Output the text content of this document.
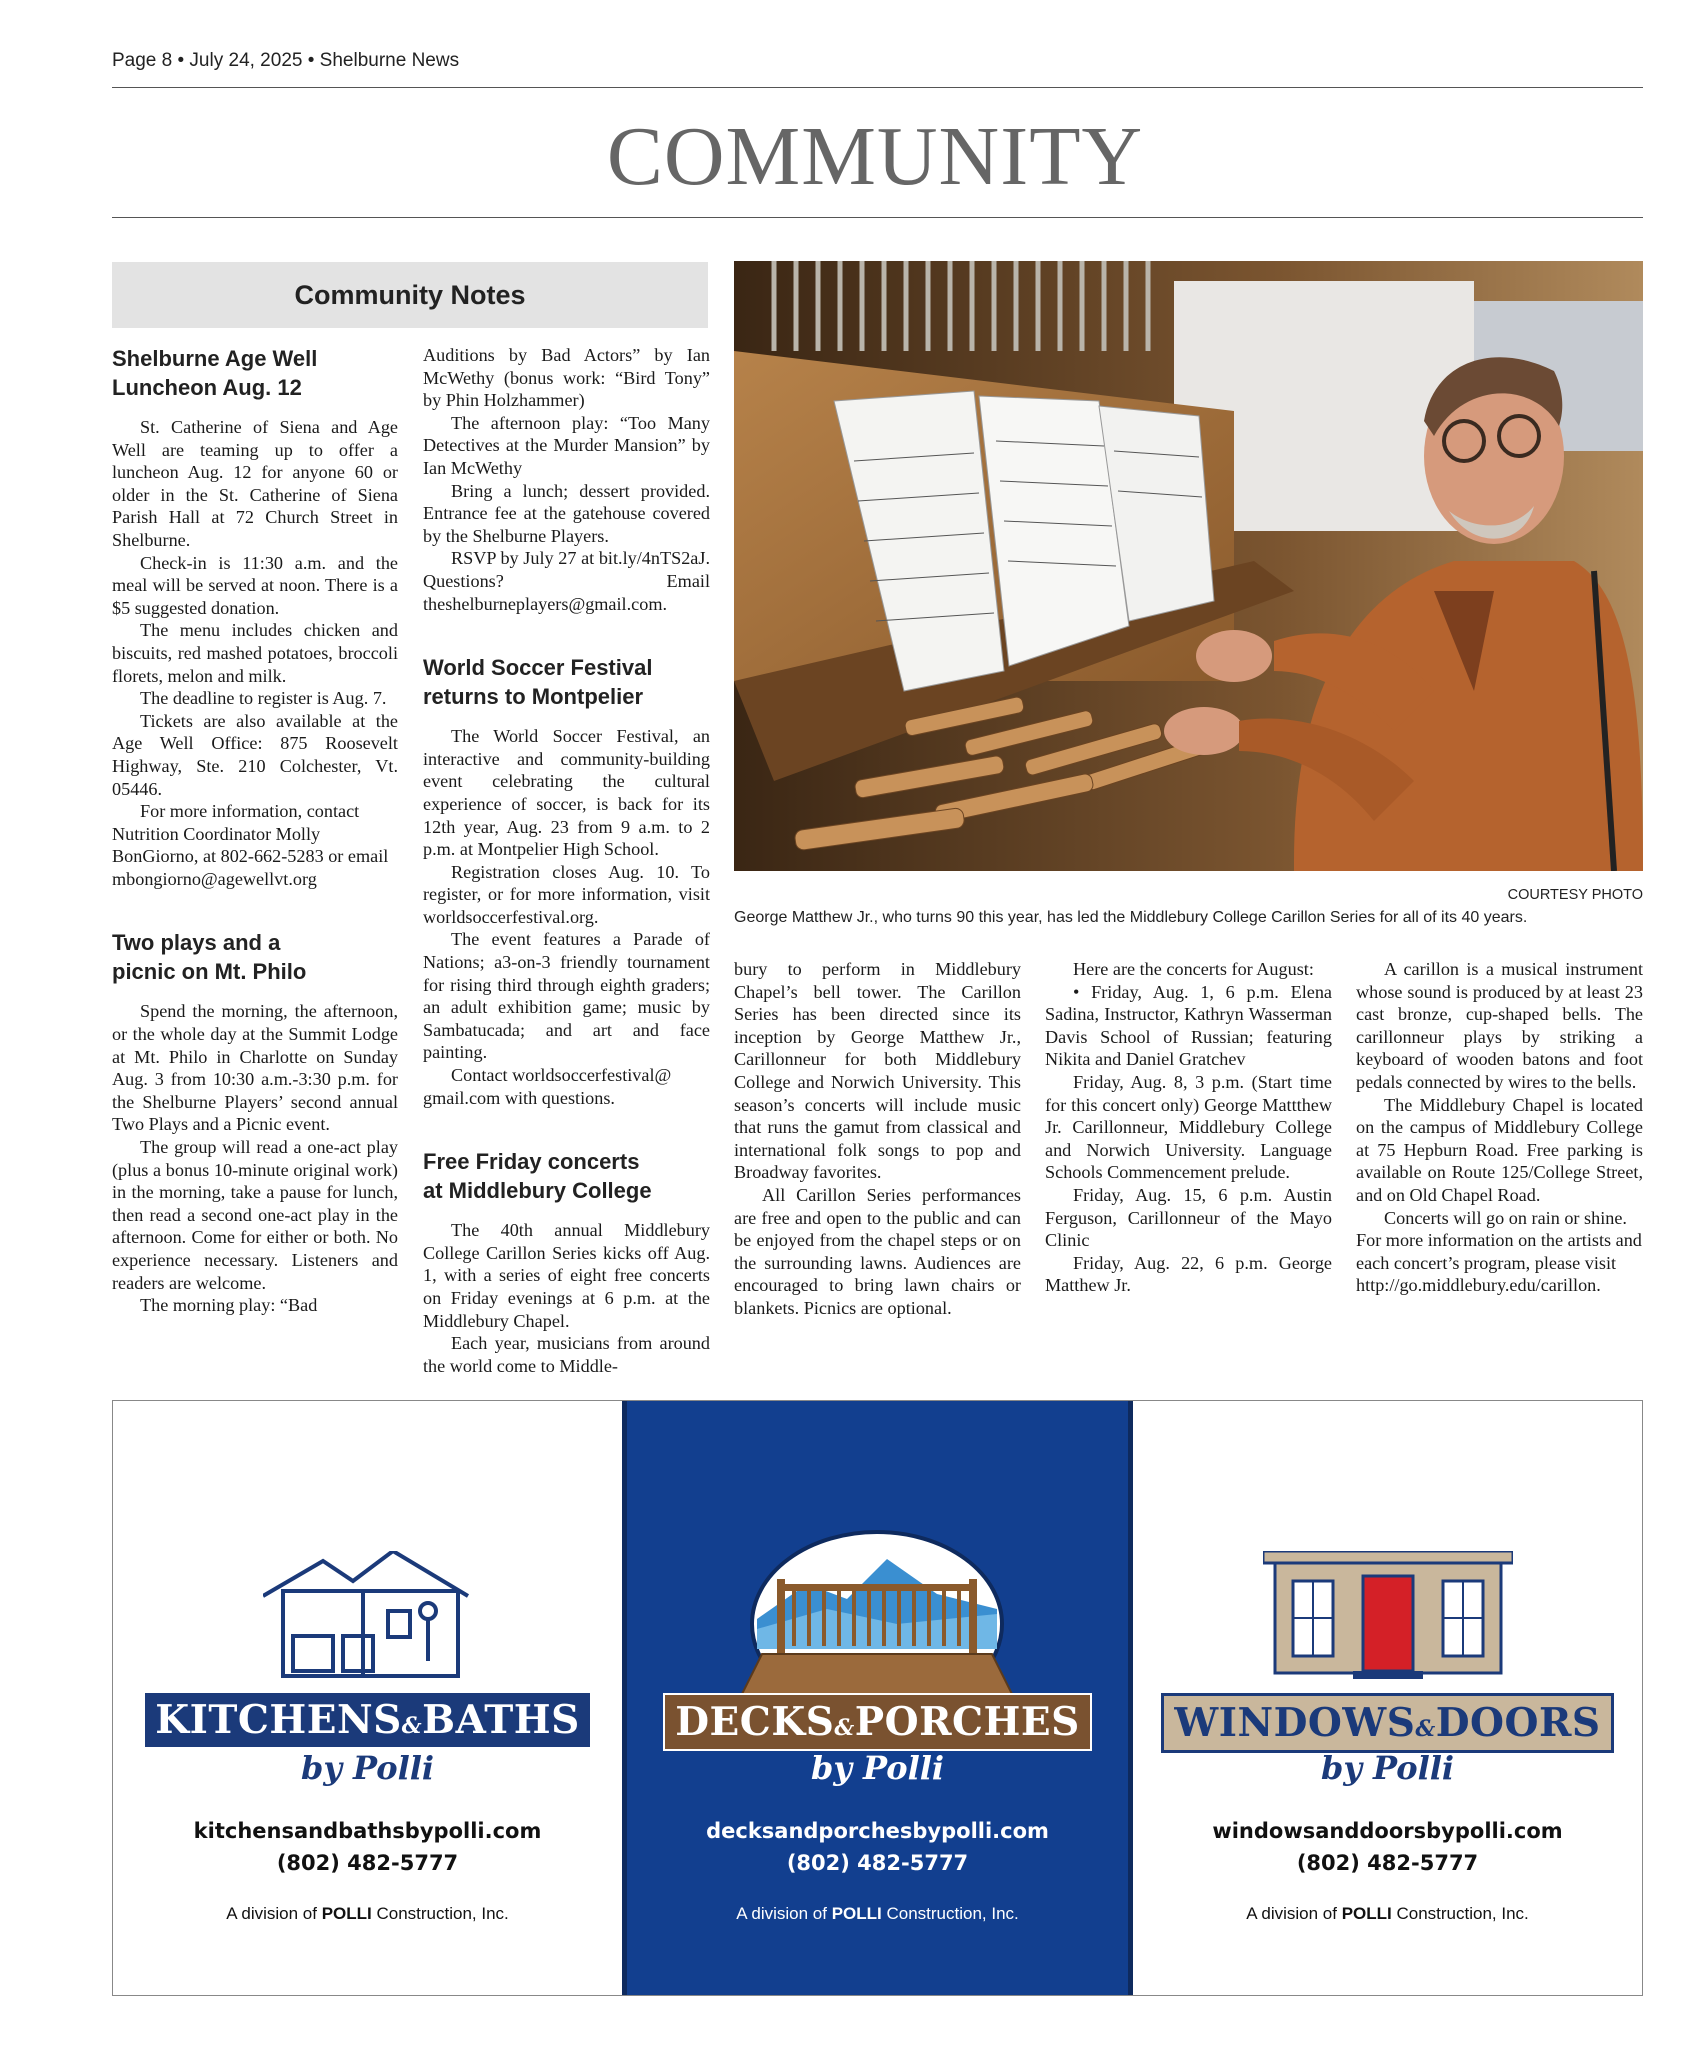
Page 8 • July 24, 2025 • Shelburne News
COMMUNITY
Community Notes
Shelburne Age Well
Luncheon Aug. 12

St. Catherine of Siena and Age Well are teaming up to offer a luncheon Aug. 12 for anyone 60 or older in the St. Catherine of Siena Parish Hall at 72 Church Street in Shelburne.

Check-in is 11:30 a.m. and the meal will be served at noon. There is a $5 suggested donation.

The menu includes chicken and biscuits, red mashed potatoes, broccoli florets, melon and milk.

The deadline to register is Aug. 7.

Tickets are also available at the Age Well Office: 875 Roosevelt Highway, Ste. 210 Colchester, Vt. 05446.

For more information, contact Nutrition Coordinator Molly BonGiorno, at 802-662-5283 or email mbongiorno@agewellvt.org

Two plays and a
picnic on Mt. Philo

Spend the morning, the afternoon, or the whole day at the Summit Lodge at Mt. Philo in Charlotte on Sunday Aug. 3 from 10:30 a.m.-3:30 p.m. for the Shelburne Players’ second annual Two Plays and a Picnic event.

The group will read a one-act play (plus a bonus 10-minute original work) in the morning, take a pause for lunch, then read a second one-act play in the afternoon. Come for either or both. No experience necessary. Listeners and readers are welcome.

The morning play: “Bad

Auditions by Bad Actors” by Ian McWethy (bonus work: “Bird Tony” by Phin Holzhammer)

The afternoon play: “Too Many Detectives at the Murder Mansion” by Ian McWethy

Bring a lunch; dessert provided. Entrance fee at the gatehouse covered by the Shelburne Players.

RSVP by July 27 at bit.ly/4nTS2aJ. Questions? Email theshelburneplayers@gmail.com.

World Soccer Festival
returns to Montpelier

The World Soccer Festival, an interactive and community-building event celebrating the cultural experience of soccer, is back for its 12th year, Aug. 23 from 9 a.m. to 2 p.m. at Montpelier High School.

Registration closes Aug. 10. To register, or for more information, visit worldsoccerfestival.org.

The event features a Parade of Nations; a3-on-3 friendly tournament for rising third through eighth graders; an adult exhibition game; music by Sambatucada; and art and face painting.

Contact worldsoccerfestival@ gmail.com with questions.

Free Friday concerts
at Middlebury College

The 40th annual Middlebury College Carillon Series kicks off Aug. 1, with a series of eight free concerts on Friday evenings at 6 p.m. at the Middlebury Chapel.

Each year, musicians from around the world come to Middle-

COURTESY PHOTO
George Matthew Jr., who turns 90 this year, has led the Middlebury College Carillon Series for all of its 40 years.

bury to perform in Middlebury Chapel’s bell tower. The Carillon Series has been directed since its inception by George Matthew Jr., Carillonneur for both Middlebury College and Norwich University. This season’s concerts will include music that runs the gamut from classical and international folk songs to pop and Broadway favorites.

All Carillon Series performances are free and open to the public and can be enjoyed from the chapel steps or on the surrounding lawns. Audiences are encouraged to bring lawn chairs or blankets. Picnics are optional.

Here are the concerts for August:

• Friday, Aug. 1, 6 p.m. Elena Sadina, Instructor, Kathryn Wasserman Davis School of Russian; featuring Nikita and Daniel Gratchev

Friday, Aug. 8, 3 p.m. (Start time for this concert only) George Mattthew Jr. Carillonneur, Middlebury College and Norwich University. Language Schools Commencement prelude.

Friday, Aug. 15, 6 p.m. Austin Ferguson, Carillonneur of the Mayo Clinic

Friday, Aug. 22, 6 p.m. George Matthew Jr.

A carillon is a musical instrument whose sound is produced by at least 23 cast bronze, cup-shaped bells. The carillonneur plays by striking a keyboard of wooden batons and foot pedals connected by wires to the bells.

The Middlebury Chapel is located on the campus of Middlebury College at 75 Hepburn Road. Free parking is available on Route 125/College Street, and on Old Chapel Road.

Concerts will go on rain or shine. For more information on the artists and each concert’s program, please visit http://go.middlebury.edu/carillon.

KITCHENS&BATHS
by Polli
kitchensandbathsbypolli.com
(802) 482-5777
A division of POLLI Construction, Inc.
DECKS&PORCHES
by Polli
decksandporchesbypolli.com
(802) 482-5777
A division of POLLI Construction, Inc.
WINDOWS&DOORS
by Polli
windowsanddoorsbypolli.com
(802) 482-5777
A division of POLLI Construction, Inc.
